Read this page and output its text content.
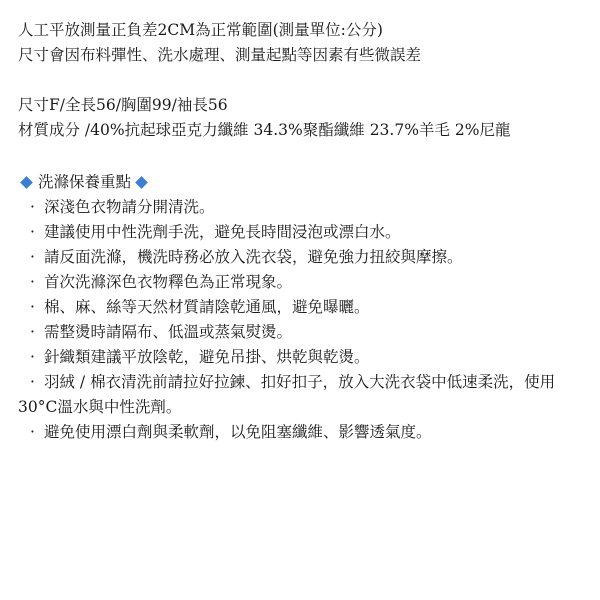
人工平放測量正負差2CM為正常範圍(測量單位:公分)
尺寸會因布料彈性、洗水處理、測量起點等因素有些微誤差
尺寸F/全長56/胸圍99/袖長56
材質成分 /40%抗起球亞克力纖維 34.3%聚酯纖維 23.7%羊毛 2%尼龍
洗滌保養重點
· 深淺色衣物請分開清洗。
· 建議使用中性洗劑手洗，避免長時間浸泡或漂白水。
· 請反面洗滌，機洗時務必放入洗衣袋，避免強力扭絞與摩擦。
· 首次洗滌深色衣物釋色為正常現象。
· 棉、麻、絲等天然材質請陰乾通風，避免曝曬。
· 需整燙時請隔布、低溫或蒸氣熨燙。
· 針織類建議平放陰乾，避免吊掛、烘乾與乾燙。
· 羽絨 / 棉衣清洗前請拉好拉鍊、扣好扣子，放入大洗衣袋中低速柔洗，使用30°C溫水與中性洗劑。
· 避免使用漂白劑與柔軟劑，以免阻塞纖維、影響透氣度。
